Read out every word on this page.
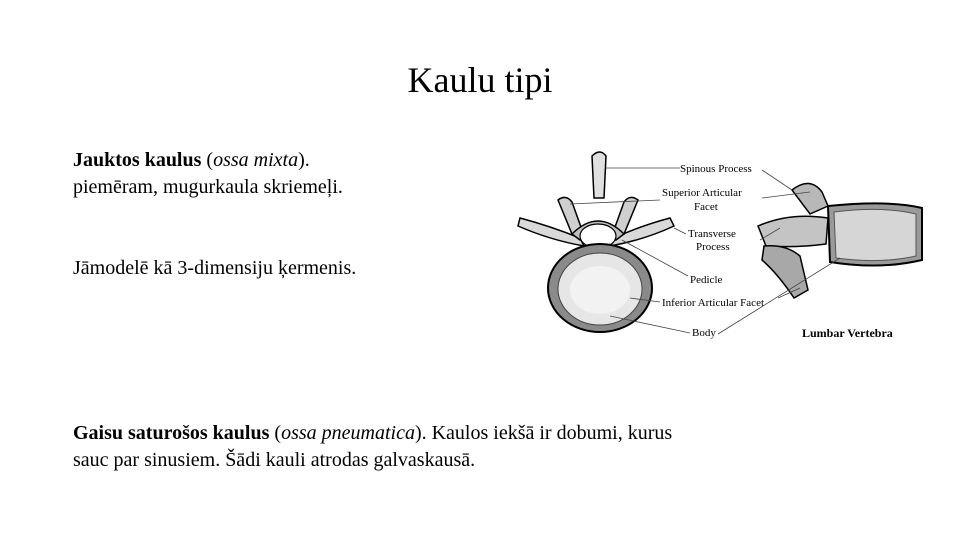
Kaulu tipi
Jauktos kaulus (ossa mixta).
piemēram, mugurkaula skriemeļi.
Jāmodelē kā 3-dimensiju ķermenis.
Gaisu saturošos kaulus (ossa pneumatica). Kaulos iekšā ir dobumi, kurus
sauc par sinusiem. Šādi kauli atrodas galvaskausā.
Spinous Process
Superior Articular
Facet
Transverse
Process
Pedicle
Inferior Articular Facet
Body	Lumbar Vertebra
